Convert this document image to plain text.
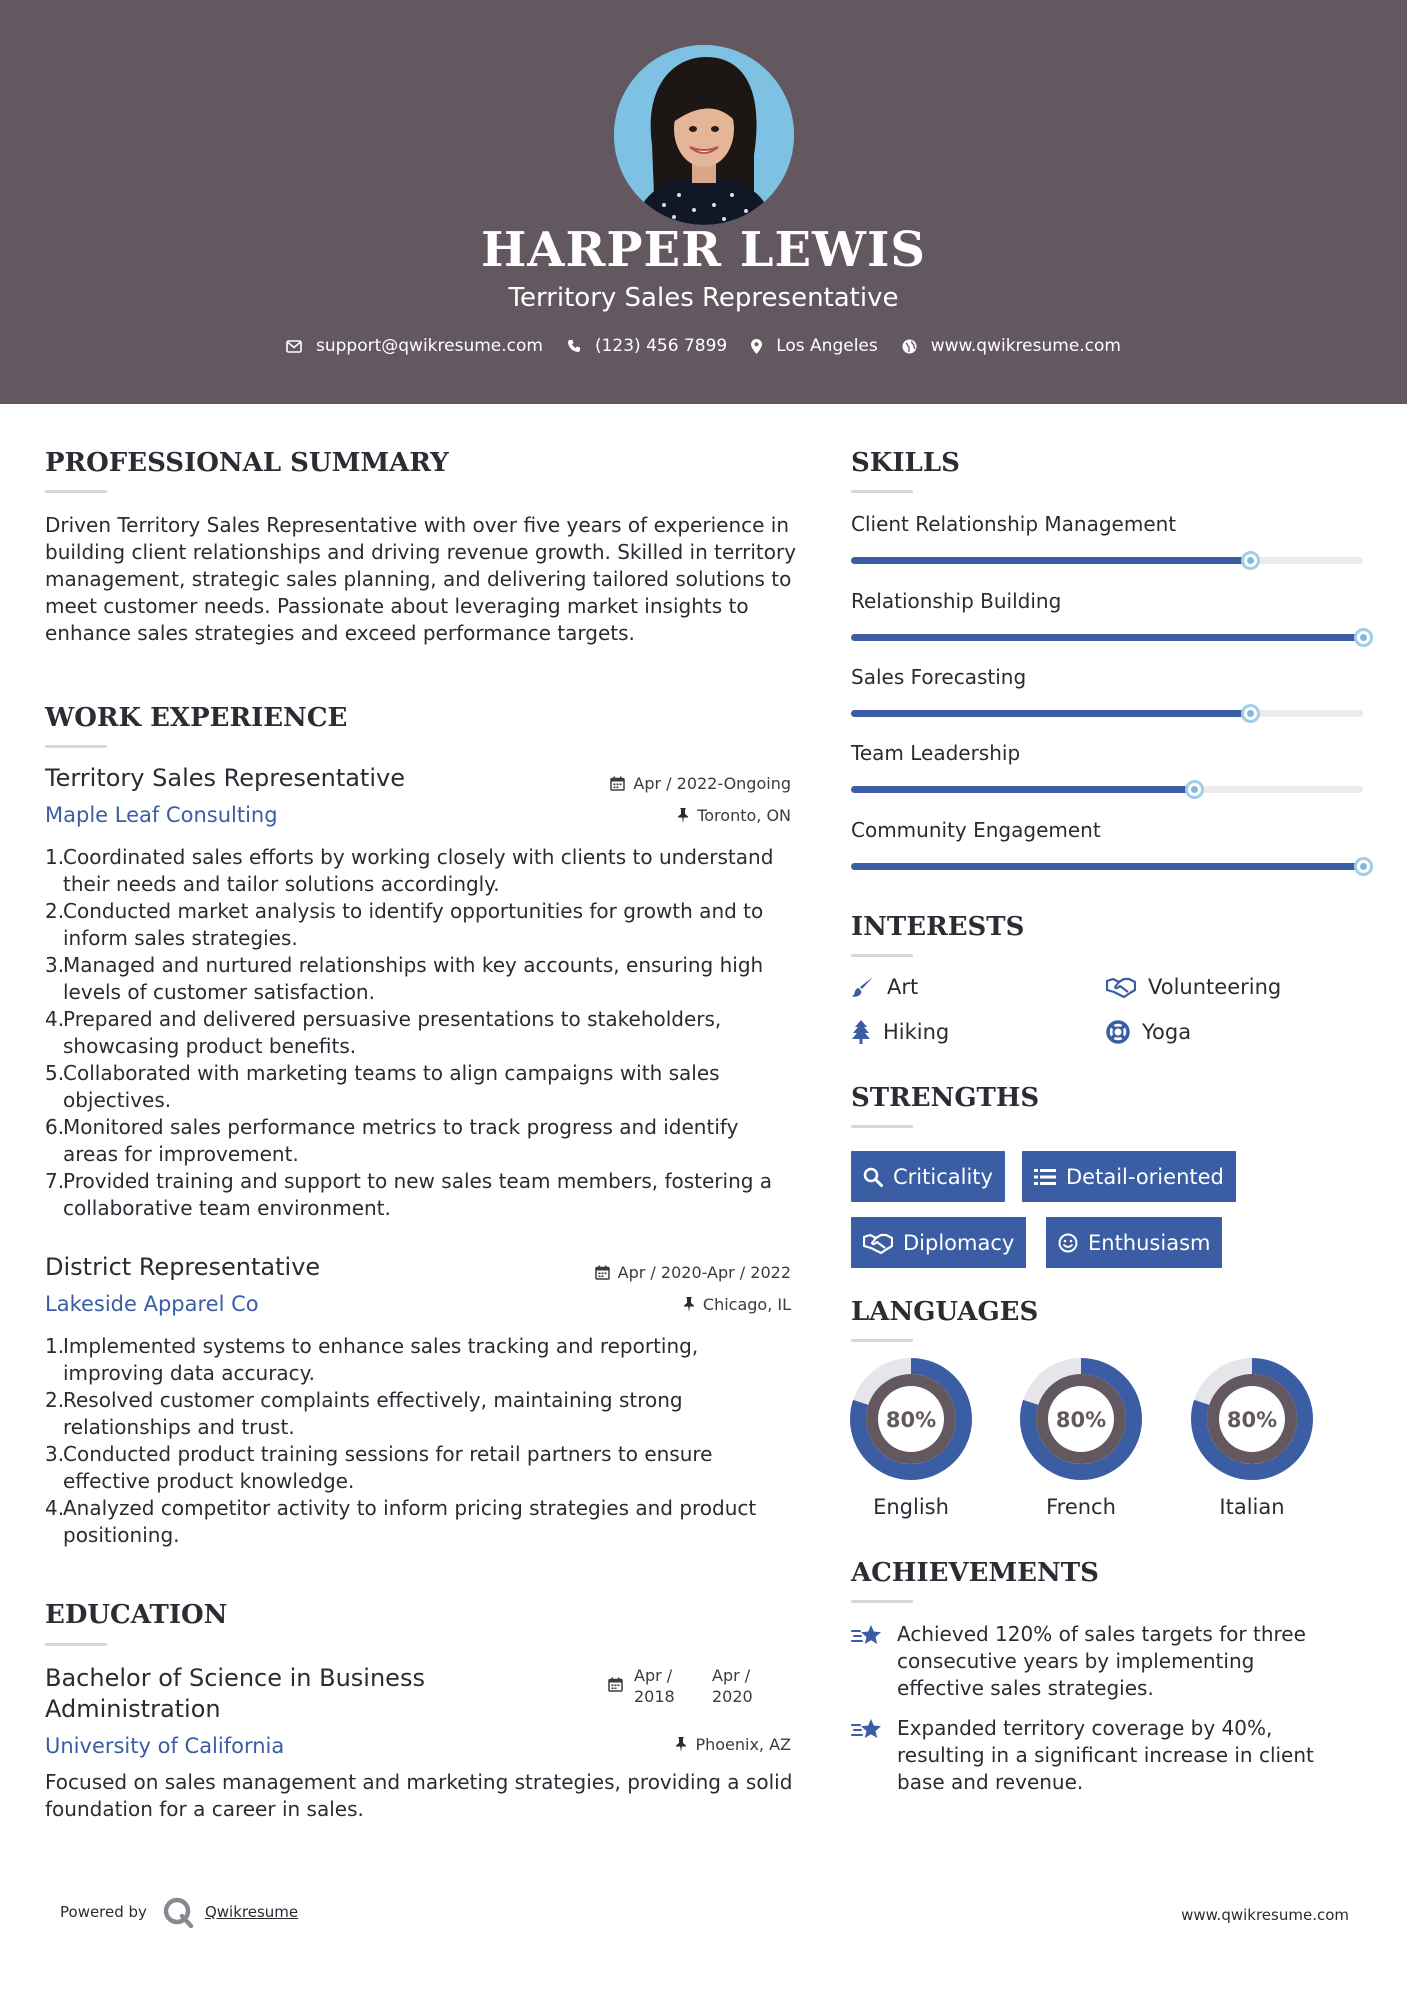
HARPER LEWIS
Territory Sales Representative
support@qwikresume.com	(123) 456 7899	Los Angeles	www.qwikresume.com
PROFESSIONAL SUMMARY
Driven Territory Sales Representative with over five years of experience in building client relationships and driving revenue growth. Skilled in territory management, strategic sales planning, and delivering tailored solutions to meet customer needs. Passionate about leveraging market insights to enhance sales strategies and exceed performance targets.
WORK EXPERIENCE
Territory Sales Representative
Maple Leaf Consulting
Apr / 2022-Ongoing
Toronto, ON
1.
Coordinated sales efforts by working closely with clients to understand their needs and tailor solutions accordingly.
2.
Conducted market analysis to identify opportunities for growth and to inform sales strategies.
3.
Managed and nurtured relationships with key accounts, ensuring high levels of customer satisfaction.
4.
Prepared and delivered persuasive presentations to stakeholders, showcasing product benefits.
5.
Collaborated with marketing teams to align campaigns with sales objectives.
6.
Monitored sales performance metrics to track progress and identify areas for improvement.
7.
Provided training and support to new sales team members, fostering a collaborative team environment.
District Representative
Lakeside Apparel Co
Apr / 2020-Apr / 2022
Chicago, IL
1.
Implemented systems to enhance sales tracking and reporting, improving data accuracy.
2.
Resolved customer complaints effectively, maintaining strong relationships and trust.
3.
Conducted product training sessions for retail partners to ensure effective product knowledge.
4.
Analyzed competitor activity to inform pricing strategies and product positioning.
EDUCATION
Bachelor of Science in Business
Administration
University of California
Apr /
2018
Apr /
2020
Phoenix, AZ
Focused on sales management and marketing strategies, providing a solid foundation for a career in sales.
SKILLS
Client Relationship Management
Relationship Building
Sales Forecasting
Team Leadership
Community Engagement
INTERESTS
Art	Volunteering
Hiking	Yoga
STRENGTHS
Criticality	Detail-oriented
Diplomacy	Enthusiasm
LANGUAGES
80%
English
80%
French
80%
Italian
ACHIEVEMENTS
Achieved 120% of sales targets for three consecutive years by implementing effective sales strategies.
Expanded territory coverage by 40%, resulting in a significant increase in client base and revenue.
Powered by	Qwikresume	www.qwikresume.com
